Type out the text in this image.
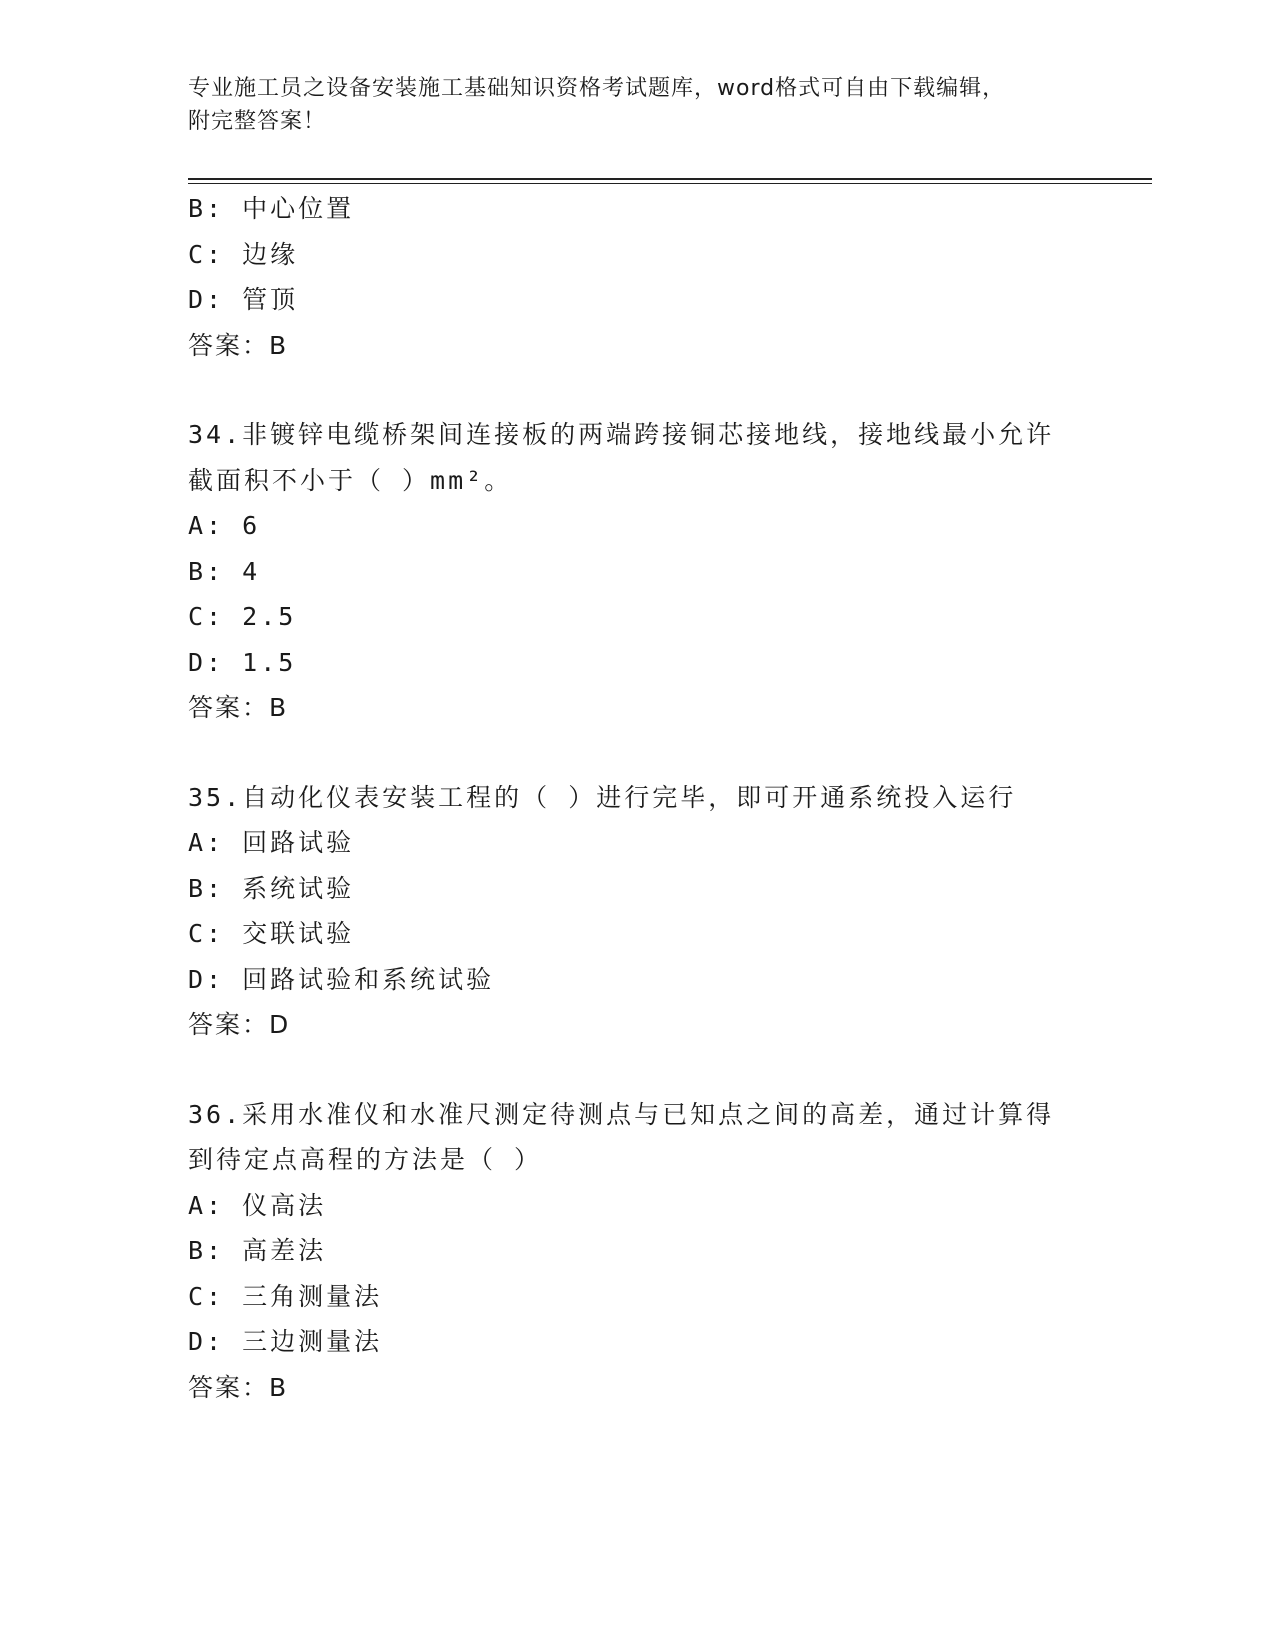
专业施工员之设备安装施工基础知识资格考试题库，word格式可自由下载编辑，
附完整答案！
B: 中心位置
C: 边缘
D: 管顶
答案：B
34.非镀锌电缆桥架间连接板的两端跨接铜芯接地线，接地线最小允许
截面积不小于（ ）mm²。
A: 6
B: 4
C: 2.5
D: 1.5
答案：B
35.自动化仪表安装工程的（ ）进行完毕，即可开通系统投入运行
A: 回路试验
B: 系统试验
C: 交联试验
D: 回路试验和系统试验
答案：D
36.采用水准仪和水准尺测定待测点与已知点之间的高差，通过计算得
到待定点高程的方法是（ ）
A: 仪高法
B: 高差法
C: 三角测量法
D: 三边测量法
答案：B
